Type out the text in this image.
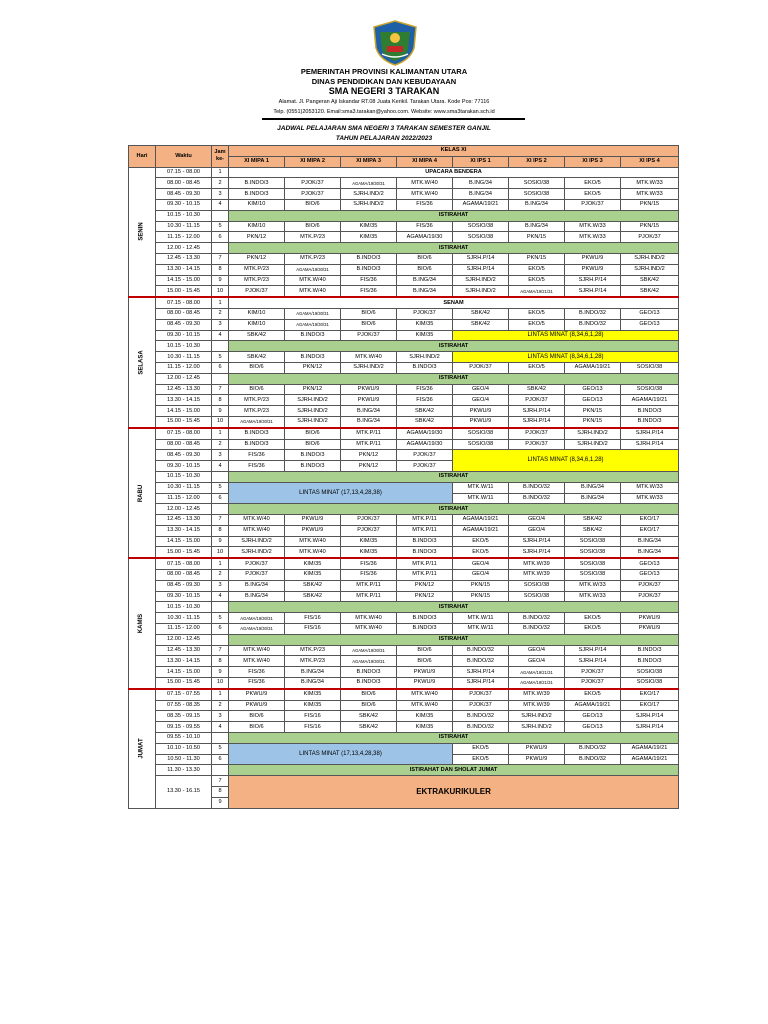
PEMERINTAH PROVINSI KALIMANTAN UTARA
DINAS PENDIDIKAN DAN KEBUDAYAAN
SMA NEGERI 3 TARAKAN
Alamat. Jl. Pangeran Aji Iskandar RT.08 Juata Kerikil. Tarakan Utara. Kode Pos: 77116
Telp. (0551)2053120. Email:sma3.tarakan@yahoo.com. Website: www.sma3tarakan.sch.id
JADWAL PELAJARAN SMA NEGERI 3 TARAKAN SEMESTER GANJIL
TAHUN PELAJARAN 2022/2023
Hari	Waktu	Jam ke-	KELAS XI							
			XI MIPA 1	XI MIPA 2	XI MIPA 3	XI MIPA 4	XI IPS 1	XI IPS 2	XI IPS 3	XI IPS 4
SENIN	07.15 - 08.00	1	UPACARA BENDERA							
	08.00 - 08.45	2	B.INDO/3	PJOK/37	AGAMA/19/30/31	MTK.W/40	B.ING/34	SOSIO/38	EKO/5	MTK.W/33
	08.45 - 09.30	3	B.INDO/3	PJOK/37	SJRH.IND/2	MTK.W/40	B.ING/34	SOSIO/38	EKO/5	MTK.W/33
	09.30 - 10.15	4	KIM/10	BIO/6	SJRH.IND/2	FIS/36	AGAMA/19/21	B.ING/34	PJOK/37	PKN/15
	10.15 - 10.30		ISTIRAHAT							
	10.30 - 11.15	5	KIM/10	BIO/6	KIM/35	FIS/36	SOSIO/38	B.ING/34	MTK.W/33	PKN/15
	11.15 - 12.00	6	PKN/12	MTK.P/23	KIM/35	AGAMA/19/30	SOSIO/38	PKN/15	MTK.W/33	PJOK/37
	12.00 - 12.45		ISTIRAHAT							
	12.45 - 13.30	7	PKN/12	MTK.P/23	B.INDO/3	BIO/6	SJRH.P/14	PKN/15	PKWU/9	SJRH.IND/2
	13.30 - 14.15	8	MTK.P/23	AGAMA/19/30/31	B.INDO/3	BIO/6	SJRH.P/14	EKO/5	PKWU/9	SJRH.IND/2
	14.15 - 15.00	9	MTK.P/23	MTK.W/40	FIS/36	B.ING/34	SJRH.IND/2	EKO/5	SJRH.P/14	SBK/42
	15.00 - 15.45	10	PJOK/37	MTK.W/40	FIS/36	B.ING/34	SJRH.IND/2	AGAMA/19/21/31	SJRH.P/14	SBK/42
SELASA	07.15 - 08.00	1	SENAM							
	08.00 - 08.45	2	KIM/10	AGAMA/19/30/31	BIO/6	PJOK/37	SBK/42	EKO/5	B.INDO/32	GEO/13
	08.45 - 09.30	3	KIM/10	AGAMA/19/30/31	BIO/6	KIM/35	SBK/42	EKO/5	B.INDO/32	GEO/13
	09.30 - 10.15	4	SBK/42	B.INDO/3	PJOK/37	KIM/35	LINTAS MINAT (8,34,6,1,28)			
	10.15 - 10.30		ISTIRAHAT							
	10.30 - 11.15	5	SBK/42	B.INDO/3	MTK.W/40	SJRH.IND/2	LINTAS MINAT (8,34,6,1,28)			
	11.15 - 12.00	6	BIO/6	PKN/12	SJRH.IND/2	B.INDO/3	PJOK/37	EKO/5	AGAMA/19/21	SOSIO/38
	12.00 - 12.45		ISTIRAHAT							
	12.45 - 13.30	7	BIO/6	PKN/12	PKWU/9	FIS/36	GEO/4	SBK/42	GEO/13	SOSIO/38
	13.30 - 14.15	8	MTK.P/23	SJRH.IND/2	PKWU/9	FIS/36	GEO/4	PJOK/37	GEO/13	AGAMA/19/21
	14.15 - 15.00	9	MTK.P/23	SJRH.IND/2	B.ING/34	SBK/42	PKWU/9	SJRH.P/14	PKN/15	B.INDO/3
	15.00 - 15.45	10	AGAMA/19/30/31	SJRH.IND/2	B.ING/34	SBK/42	PKWU/9	SJRH.P/14	PKN/15	B.INDO/3
RABU	07.15 - 08.00	1	B.INDO/3	BIO/6	MTK.P/11	AGAMA/19/30	SOSIO/38	PJOK/37	SJRH.IND/2	SJRH.P/14
	08.00 - 08.45	2	B.INDO/3	BIO/6	MTK.P/11	AGAMA/19/30	SOSIO/38	PJOK/37	SJRH.IND/2	SJRH.P/14
	08.45 - 09.30	3	FIS/36	B.INDO/3	PKN/12	PJOK/37	LINTAS MINAT (8,34,6,1,28)			
	09.30 - 10.15	4	FIS/36	B.INDO/3	PKN/12	PJOK/37				
	10.15 - 10.30		ISTIRAHAT							
	10.30 - 11.15	5	LINTAS MINAT (17,13,4,28,38)				MTK.W/11	B.INDO/32	B.ING/34	MTK.W/33
	11.15 - 12.00	6					MTK.W/11	B.INDO/32	B.ING/34	MTK.W/33
	12.00 - 12.45		ISTIRAHAT							
	12.45 - 13.30	7	MTK.W/40	PKWU/9	PJOK/37	MTK.P/11	AGAMA/19/21	GEO/4	SBK/42	EKO/17
	13.30 - 14.15	8	MTK.W/40	PKWU/9	PJOK/37	MTK.P/11	AGAMA/19/21	GEO/4	SBK/42	EKO/17
	14.15 - 15.00	9	SJRH.IND/2	MTK.W/40	KIM/35	B.INDO/3	EKO/5	SJRH.P/14	SOSIO/38	B.ING/34
	15.00 - 15.45	10	SJRH.IND/2	MTK.W/40	KIM/35	B.INDO/3	EKO/5	SJRH.P/14	SOSIO/38	B.ING/34
KAMIS	07.15 - 08.00	1	PJOK/37	KIM/35	FIS/36	MTK.P/11	GEO/4	MTK.W/39	SOSIO/38	GEO/13
	08.00 - 08.45	2	PJOK/37	KIM/35	FIS/36	MTK.P/11	GEO/4	MTK.W/39	SOSIO/38	GEO/13
	08.45 - 09.30	3	B.ING/34	SBK/42	MTK.P/11	PKN/12	PKN/15	SOSIO/38	MTK.W/33	PJOK/37
	09.30 - 10.15	4	B.ING/34	SBK/42	MTK.P/11	PKN/12	PKN/15	SOSIO/38	MTK.W/33	PJOK/37
	10.15 - 10.30		ISTIRAHAT							
	10.30 - 11.15	5	AGAMA/19/30/31	FIS/16	MTK.W/40	B.INDO/3	MTK.W/11	B.INDO/32	EKO/5	PKWU/9
	11.15 - 12.00	6	AGAMA/19/30/31	FIS/16	MTK.W/40	B.INDO/3	MTK.W/11	B.INDO/32	EKO/5	PKWU/9
	12.00 - 12.45		ISTIRAHAT							
	12.45 - 13.30	7	MTK.W/40	MTK.P/23	AGAMA/19/30/31	BIO/6	B.INDO/32	GEO/4	SJRH.P/14	B.INDO/3
	13.30 - 14.15	8	MTK.W/40	MTK.P/23	AGAMA/19/30/31	BIO/6	B.INDO/32	GEO/4	SJRH.P/14	B.INDO/3
	14.15 - 15.00	9	FIS/36	B.ING/34	B.INDO/3	PKWU/9	SJRH.P/14	AGAMA/19/21/31	PJOK/37	SOSIO/38
	15.00 - 15.45	10	FIS/36	B.ING/34	B.INDO/3	PKWU/9	SJRH.P/14	AGAMA/19/21/31	PJOK/37	SOSIO/38
JUMAT	07.15 - 07.55	1	PKWU/9	KIM/35	BIO/6	MTK.W/40	PJOK/37	MTK.W/39	EKO/5	EKO/17
	07.55 - 08.35	2	PKWU/9	KIM/35	BIO/6	MTK.W/40	PJOK/37	MTK.W/39	AGAMA/19/21	EKO/17
	08.35 - 09.15	3	BIO/6	FIS/16	SBK/42	KIM/35	B.INDO/32	SJRH.IND/2	GEO/13	SJRH.P/14
	09.15 - 09.55	4	BIO/6	FIS/16	SBK/42	KIM/35	B.INDO/32	SJRH.IND/2	GEO/13	SJRH.P/14
	09.55 - 10.10		ISTIRAHAT							
	10.10 - 10.50	5	LINTAS MINAT (17,13,4,28,38)				EKO/5	PKWU/9	B.INDO/32	AGAMA/19/21
	10.50 - 11.30	6					EKO/5	PKWU/9	B.INDO/32	AGAMA/19/21
	11.30 - 13.30		ISTIRAHAT DAN SHOLAT JUMAT							
	13.30 - 16.15	7	EKTRAKURIKULER							
		8								
		9								
